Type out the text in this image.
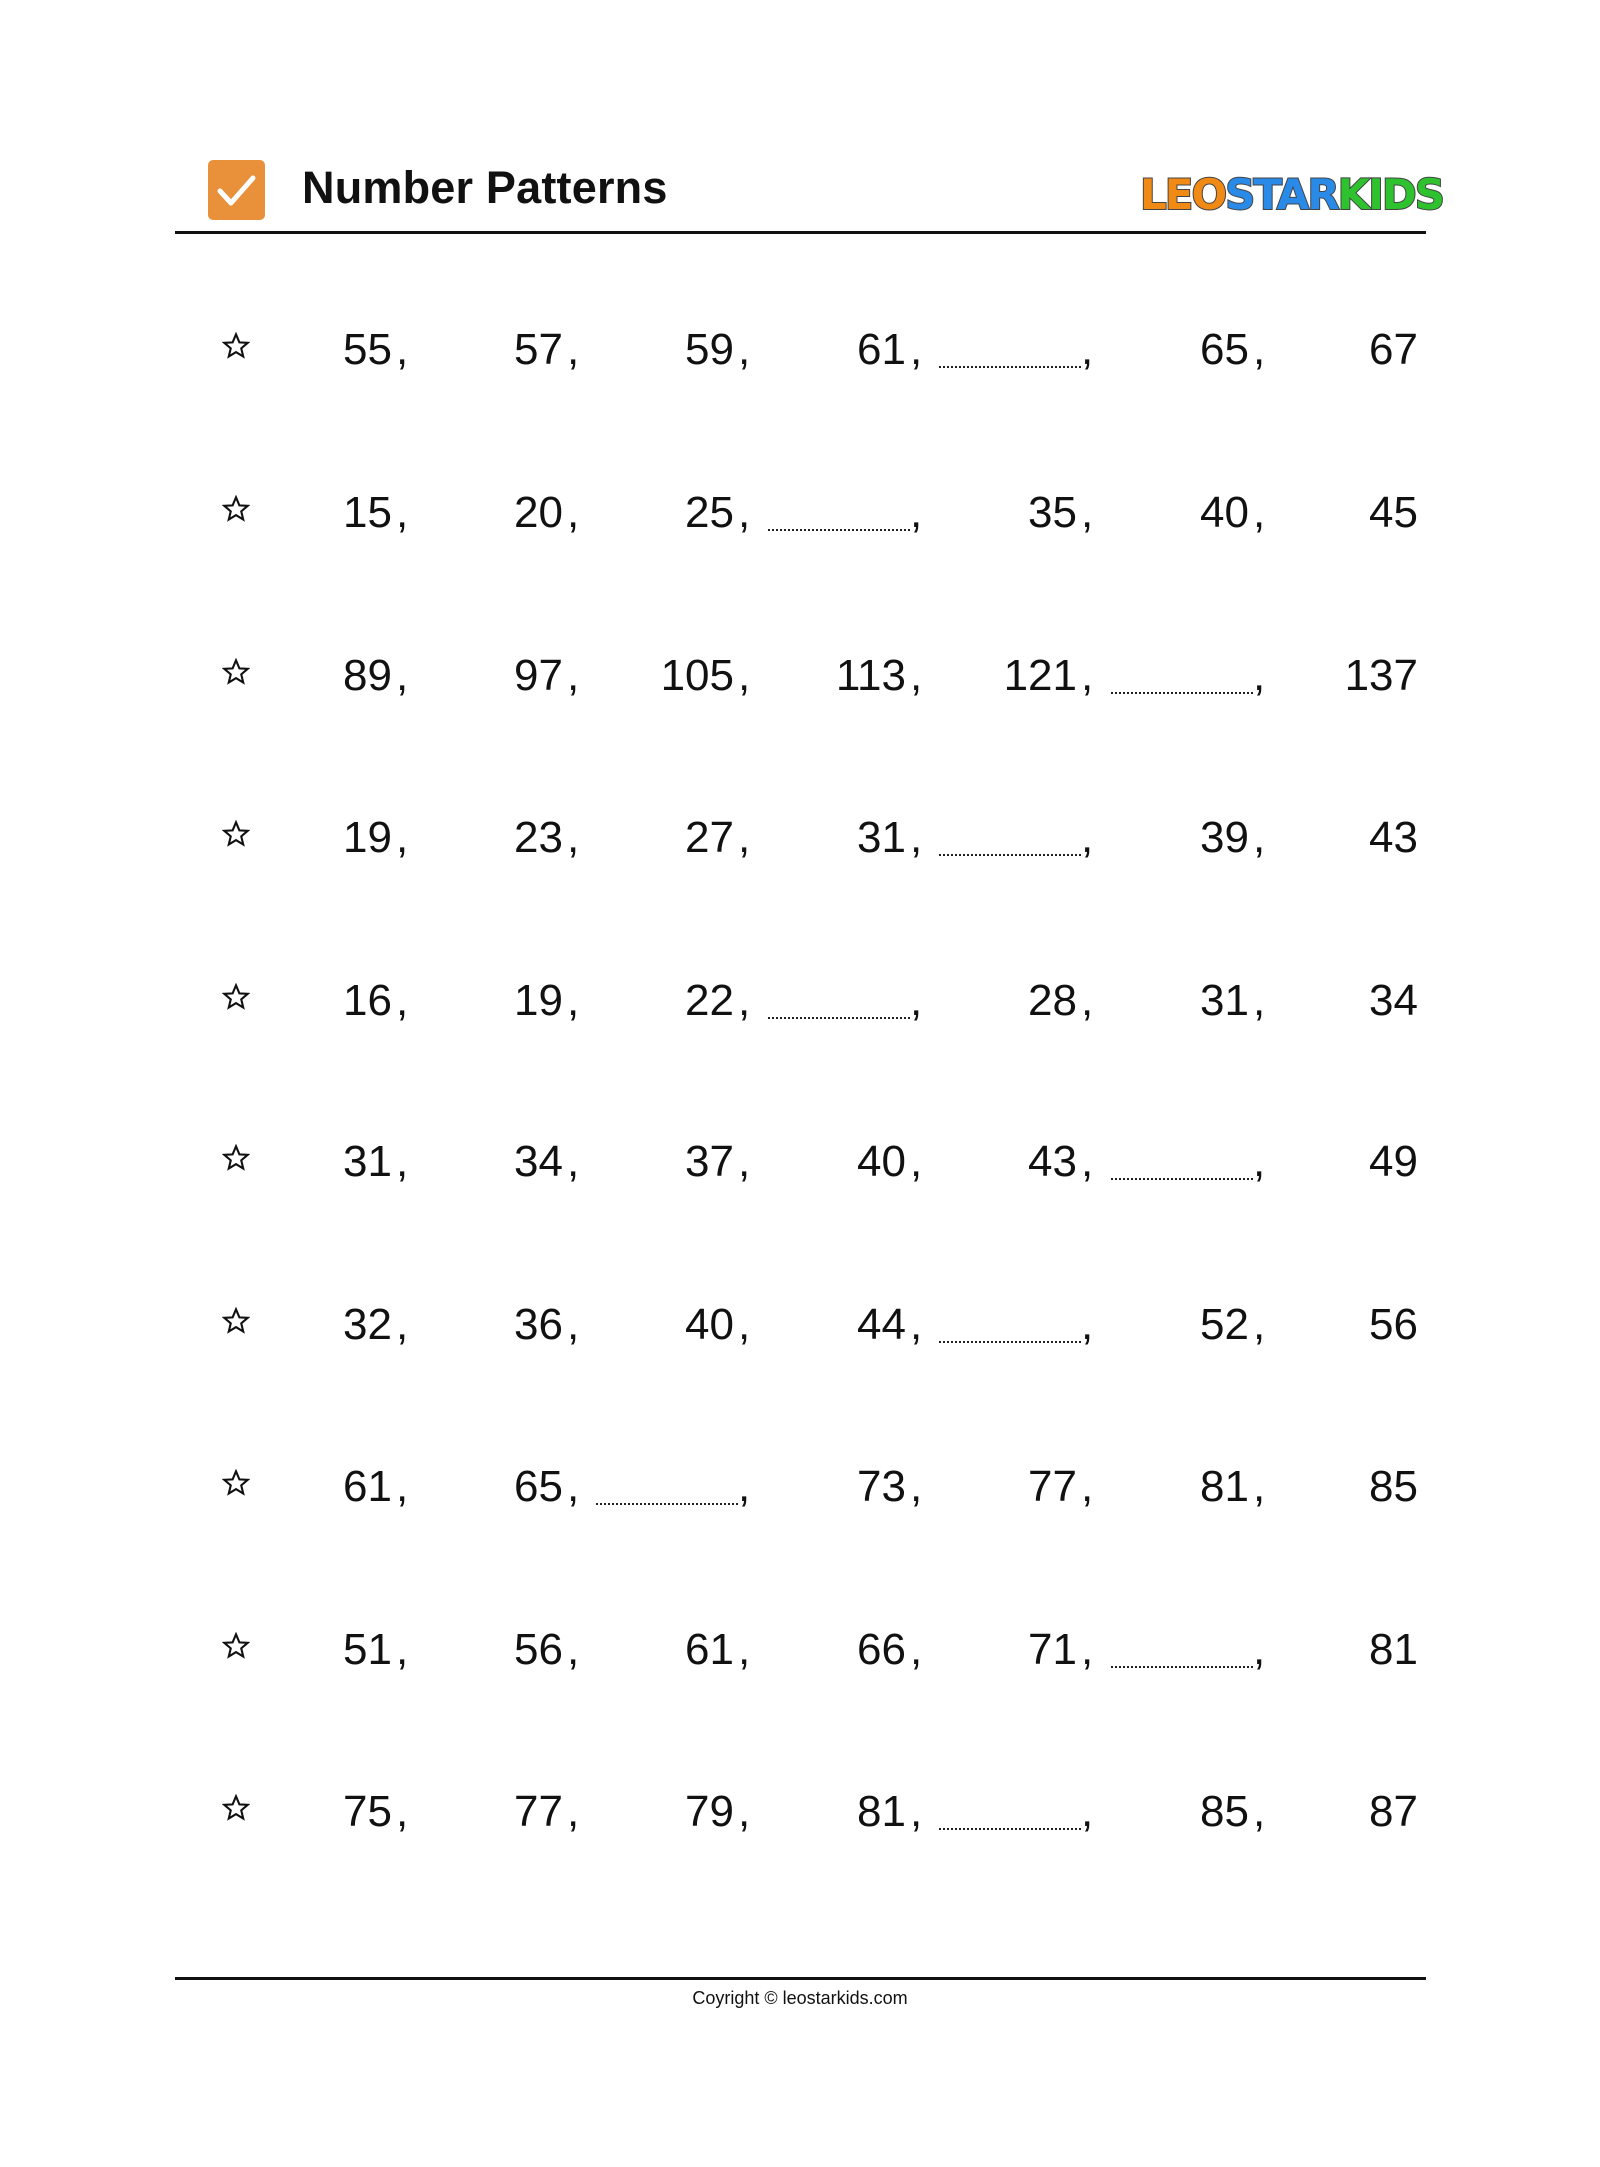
Number Patterns	LEOSTARKIDS
55 , 57 , 59 , 61 ,	, 65 , 67
15 , 20 , 25 ,	, 35 , 40 , 45
89 , 97 , 105 , 113 , 121 ,	, 137
19 , 23 , 27 , 31 ,	, 39 , 43
16 , 19 , 22 ,	, 28 , 31 , 34
31 , 34 , 37 , 40 , 43 ,	, 49
32 , 36 , 40 , 44 ,	, 52 , 56
61 , 65 ,	, 73 , 77 , 81 , 85
51 , 56 , 61 , 66 , 71 ,	, 81
75 , 77 , 79 , 81 ,	, 85 , 87
Coyright © leostarkids.com
